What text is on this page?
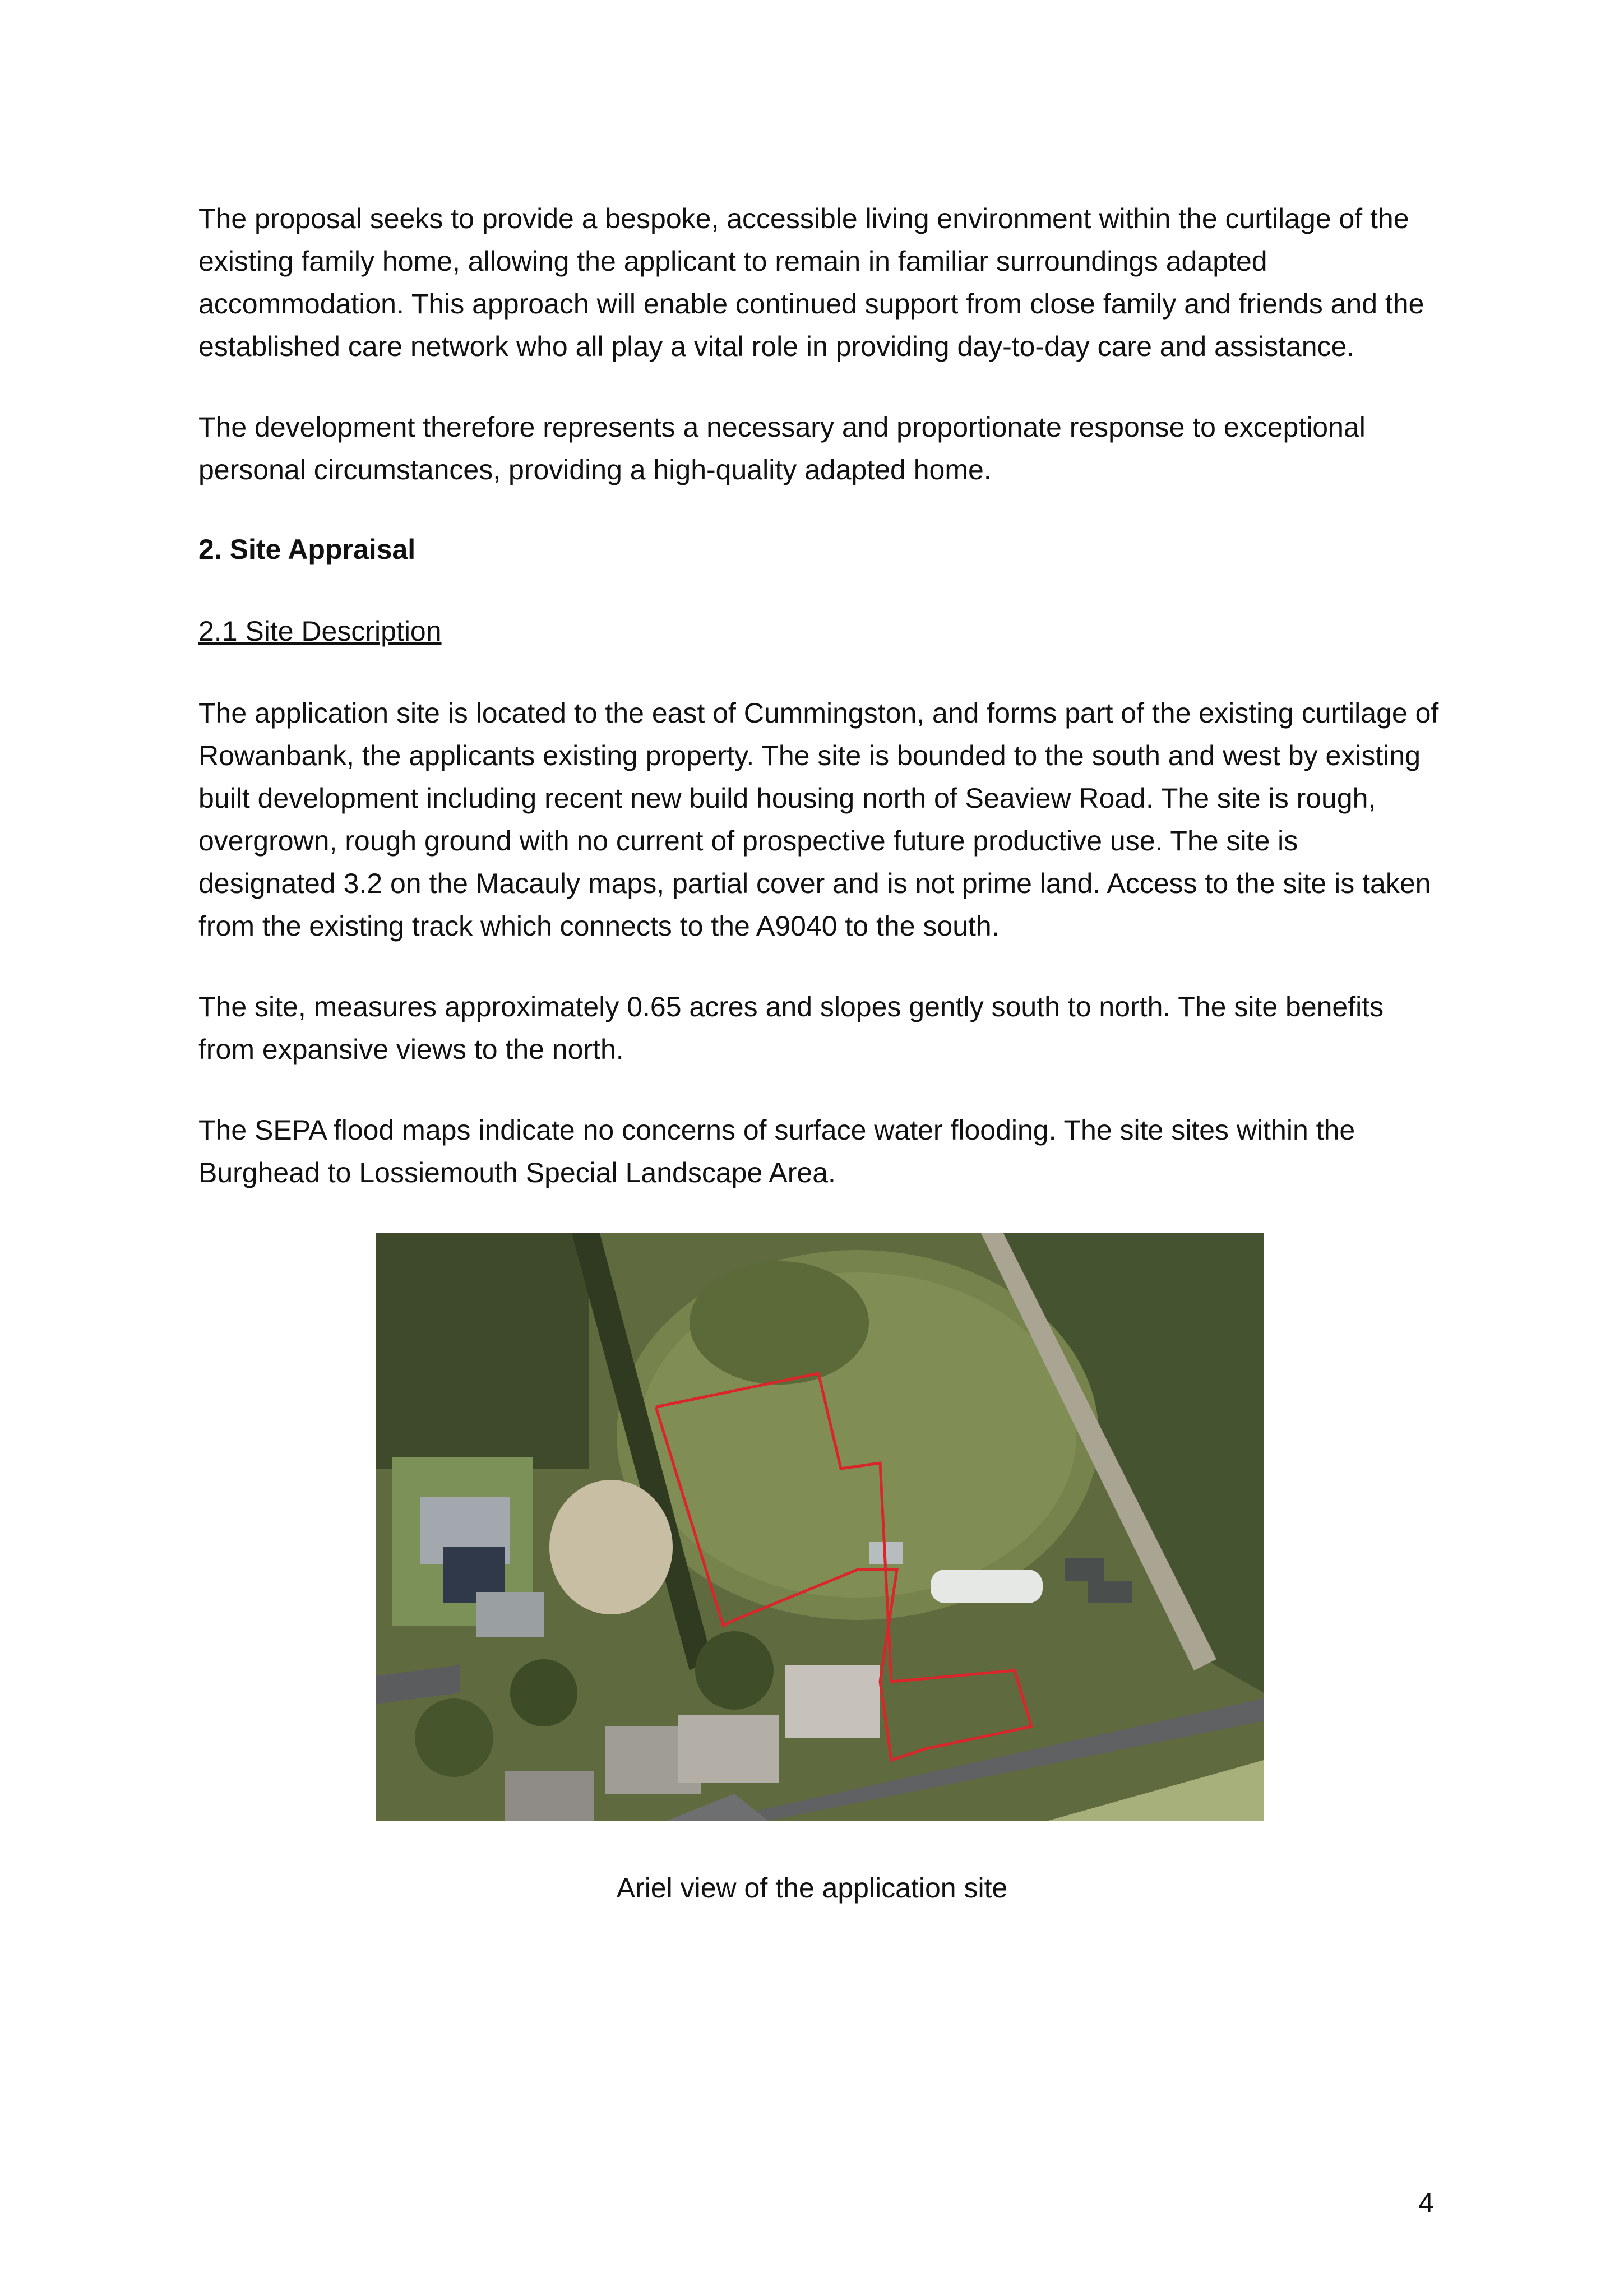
The proposal seeks to provide a bespoke, accessible living environment within the curtilage of the
existing family home, allowing the applicant to remain in familiar surroundings adapted
accommodation. This approach will enable continued support from close family and friends and the
established care network who all play a vital role in providing day-to-day care and assistance.
The development therefore represents a necessary and proportionate response to exceptional
personal circumstances, providing a high-quality adapted home.

2. Site Appraisal

2.1 Site Description

The application site is located to the east of Cummingston, and forms part of the existing curtilage of
Rowanbank, the applicants existing property. The site is bounded to the south and west by existing
built development including recent new build housing north of Seaview Road. The site is rough,
overgrown, rough ground with no current of prospective future productive use. The site is
designated 3.2 on the Macauly maps, partial cover and is not prime land. Access to the site is taken
from the existing track which connects to the A9040 to the south.
The site, measures approximately 0.65 acres and slopes gently south to north. The site benefits
from expansive views to the north.
The SEPA flood maps indicate no concerns of surface water flooding. The site sites within the
Burghead to Lossiemouth Special Landscape Area.

Ariel view of the application site

4
